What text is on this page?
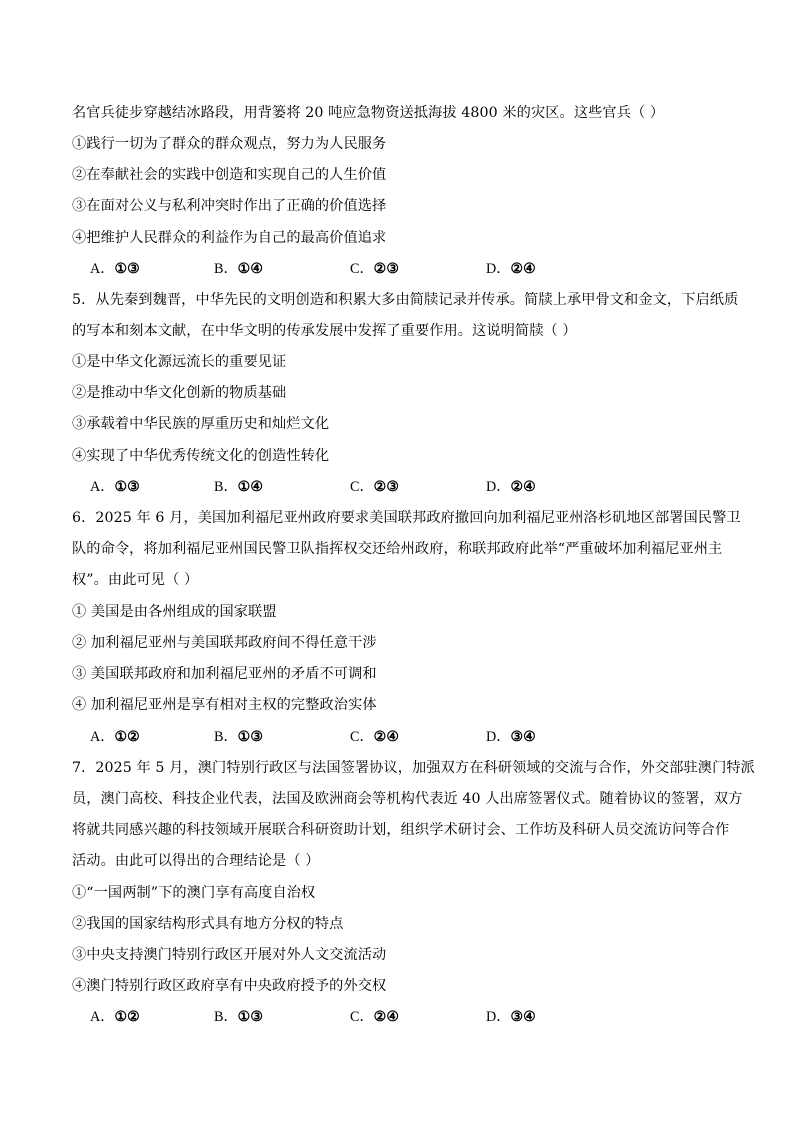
名官兵徒步穿越结冰路段，用背篓将 20 吨应急物资送抵海拔 4800 米的灾区。这些官兵（ ）
①践行一切为了群众的群众观点，努力为人民服务
②在奉献社会的实践中创造和实现自己的人生价值
③在面对公义与私利冲突时作出了正确的价值选择
④把维护人民群众的利益作为自己的最高价值追求
A．①③	B．①④	C．②③	D．②④
5．从先秦到魏晋，中华先民的文明创造和积累大多由简牍记录并传承。简牍上承甲骨文和金文，下启纸质
的写本和刻本文献，在中华文明的传承发展中发挥了重要作用。这说明简牍（ ）
①是中华文化源远流长的重要见证
②是推动中华文化创新的物质基础
③承载着中华民族的厚重历史和灿烂文化
④实现了中华优秀传统文化的创造性转化
A．①③	B．①④	C．②③	D．②④
6．2025 年 6 月，美国加利福尼亚州政府要求美国联邦政府撤回向加利福尼亚州洛杉矶地区部署国民警卫
队的命令，将加利福尼亚州国民警卫队指挥权交还给州政府，称联邦政府此举“严重破坏加利福尼亚州主
权”。由此可见（ ）
① 美国是由各州组成的国家联盟
② 加利福尼亚州与美国联邦政府间不得任意干涉
③ 美国联邦政府和加利福尼亚州的矛盾不可调和
④ 加利福尼亚州是享有相对主权的完整政治实体
A．①②	B．①③	C．②④	D．③④
7．2025 年 5 月，澳门特别行政区与法国签署协议，加强双方在科研领域的交流与合作，外交部驻澳门特派
员，澳门高校、科技企业代表，法国及欧洲商会等机构代表近 40 人出席签署仪式。随着协议的签署，双方
将就共同感兴趣的科技领域开展联合科研资助计划，组织学术研讨会、工作坊及科研人员交流访问等合作
活动。由此可以得出的合理结论是（ ）
①“一国两制”下的澳门享有高度自治权
②我国的国家结构形式具有地方分权的特点
③中央支持澳门特别行政区开展对外人文交流活动
④澳门特别行政区政府享有中央政府授予的外交权
A．①②	B．①③	C．②④	D．③④
